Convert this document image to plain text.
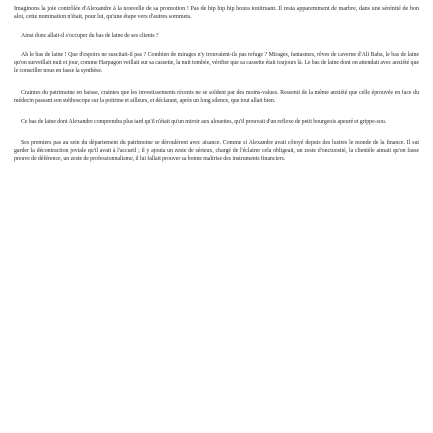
Imaginons la joie contrôlée d'Alexandre à la nouvelle de sa promotion ! Pas de hip hip hip houra tonitruant. Il resta apparemment de marbre, dans une sérénité de bon aloi, cette nomination n'était, pour lui, qu'une étape vers d'autres sommets.

Ainsi donc allait-il s'occuper du bas de laine de ses clients ?

Ah le bas de laine ! Que d'espoirs ne suscitait-il pas ? Combien de mirages n'y trouvaient-ils pas refuge ? Mirages, fantasmes, rêves de caverne d'Ali Baba, le bas de laine qu'on surveillait nuit et jour, comme Harpagon veillait sur sa cassette, la nuit tombée, vérifier que sa cassette était toujours là. Le bas de laine dont on attendait avec anxiété que le conseiller nous en fasse la synthèse.

Craintes du patrimoine en baisse, craintes que les investissements récents ne se soldent par des moins-values. Ressenti de la même anxiété que celle éprouvée en face du médecin passant son stéthoscope sur la poitrine et ailleurs, et déclarant, après un long silence, que tout allait bien.

Ce bas de laine dont Alexandre comprendra plus tard qu'il n'était qu'un miroir aux alouettes, qu'il prouvait d'un reflexe de petit bourgeois apeuré et grippe-sou.

Ses premiers pas au sein du département du patrimoine se déroulèrent avec aisance. Comme si Alexandre avait côtoyé depuis des lustres le monde de la finance. Il sut garder la décontraction joviale qu'il avait à l'accueil ; il y ajouta un zeste de sérieux, chargé de l'éclairer cela obligeait, un zeste d'onctuosité, la clientèle aimait qu'on fasse preuve de déférence, un zeste de professionnalisme, il lui fallait prouver sa bonne maîtrise des instruments financiers.
